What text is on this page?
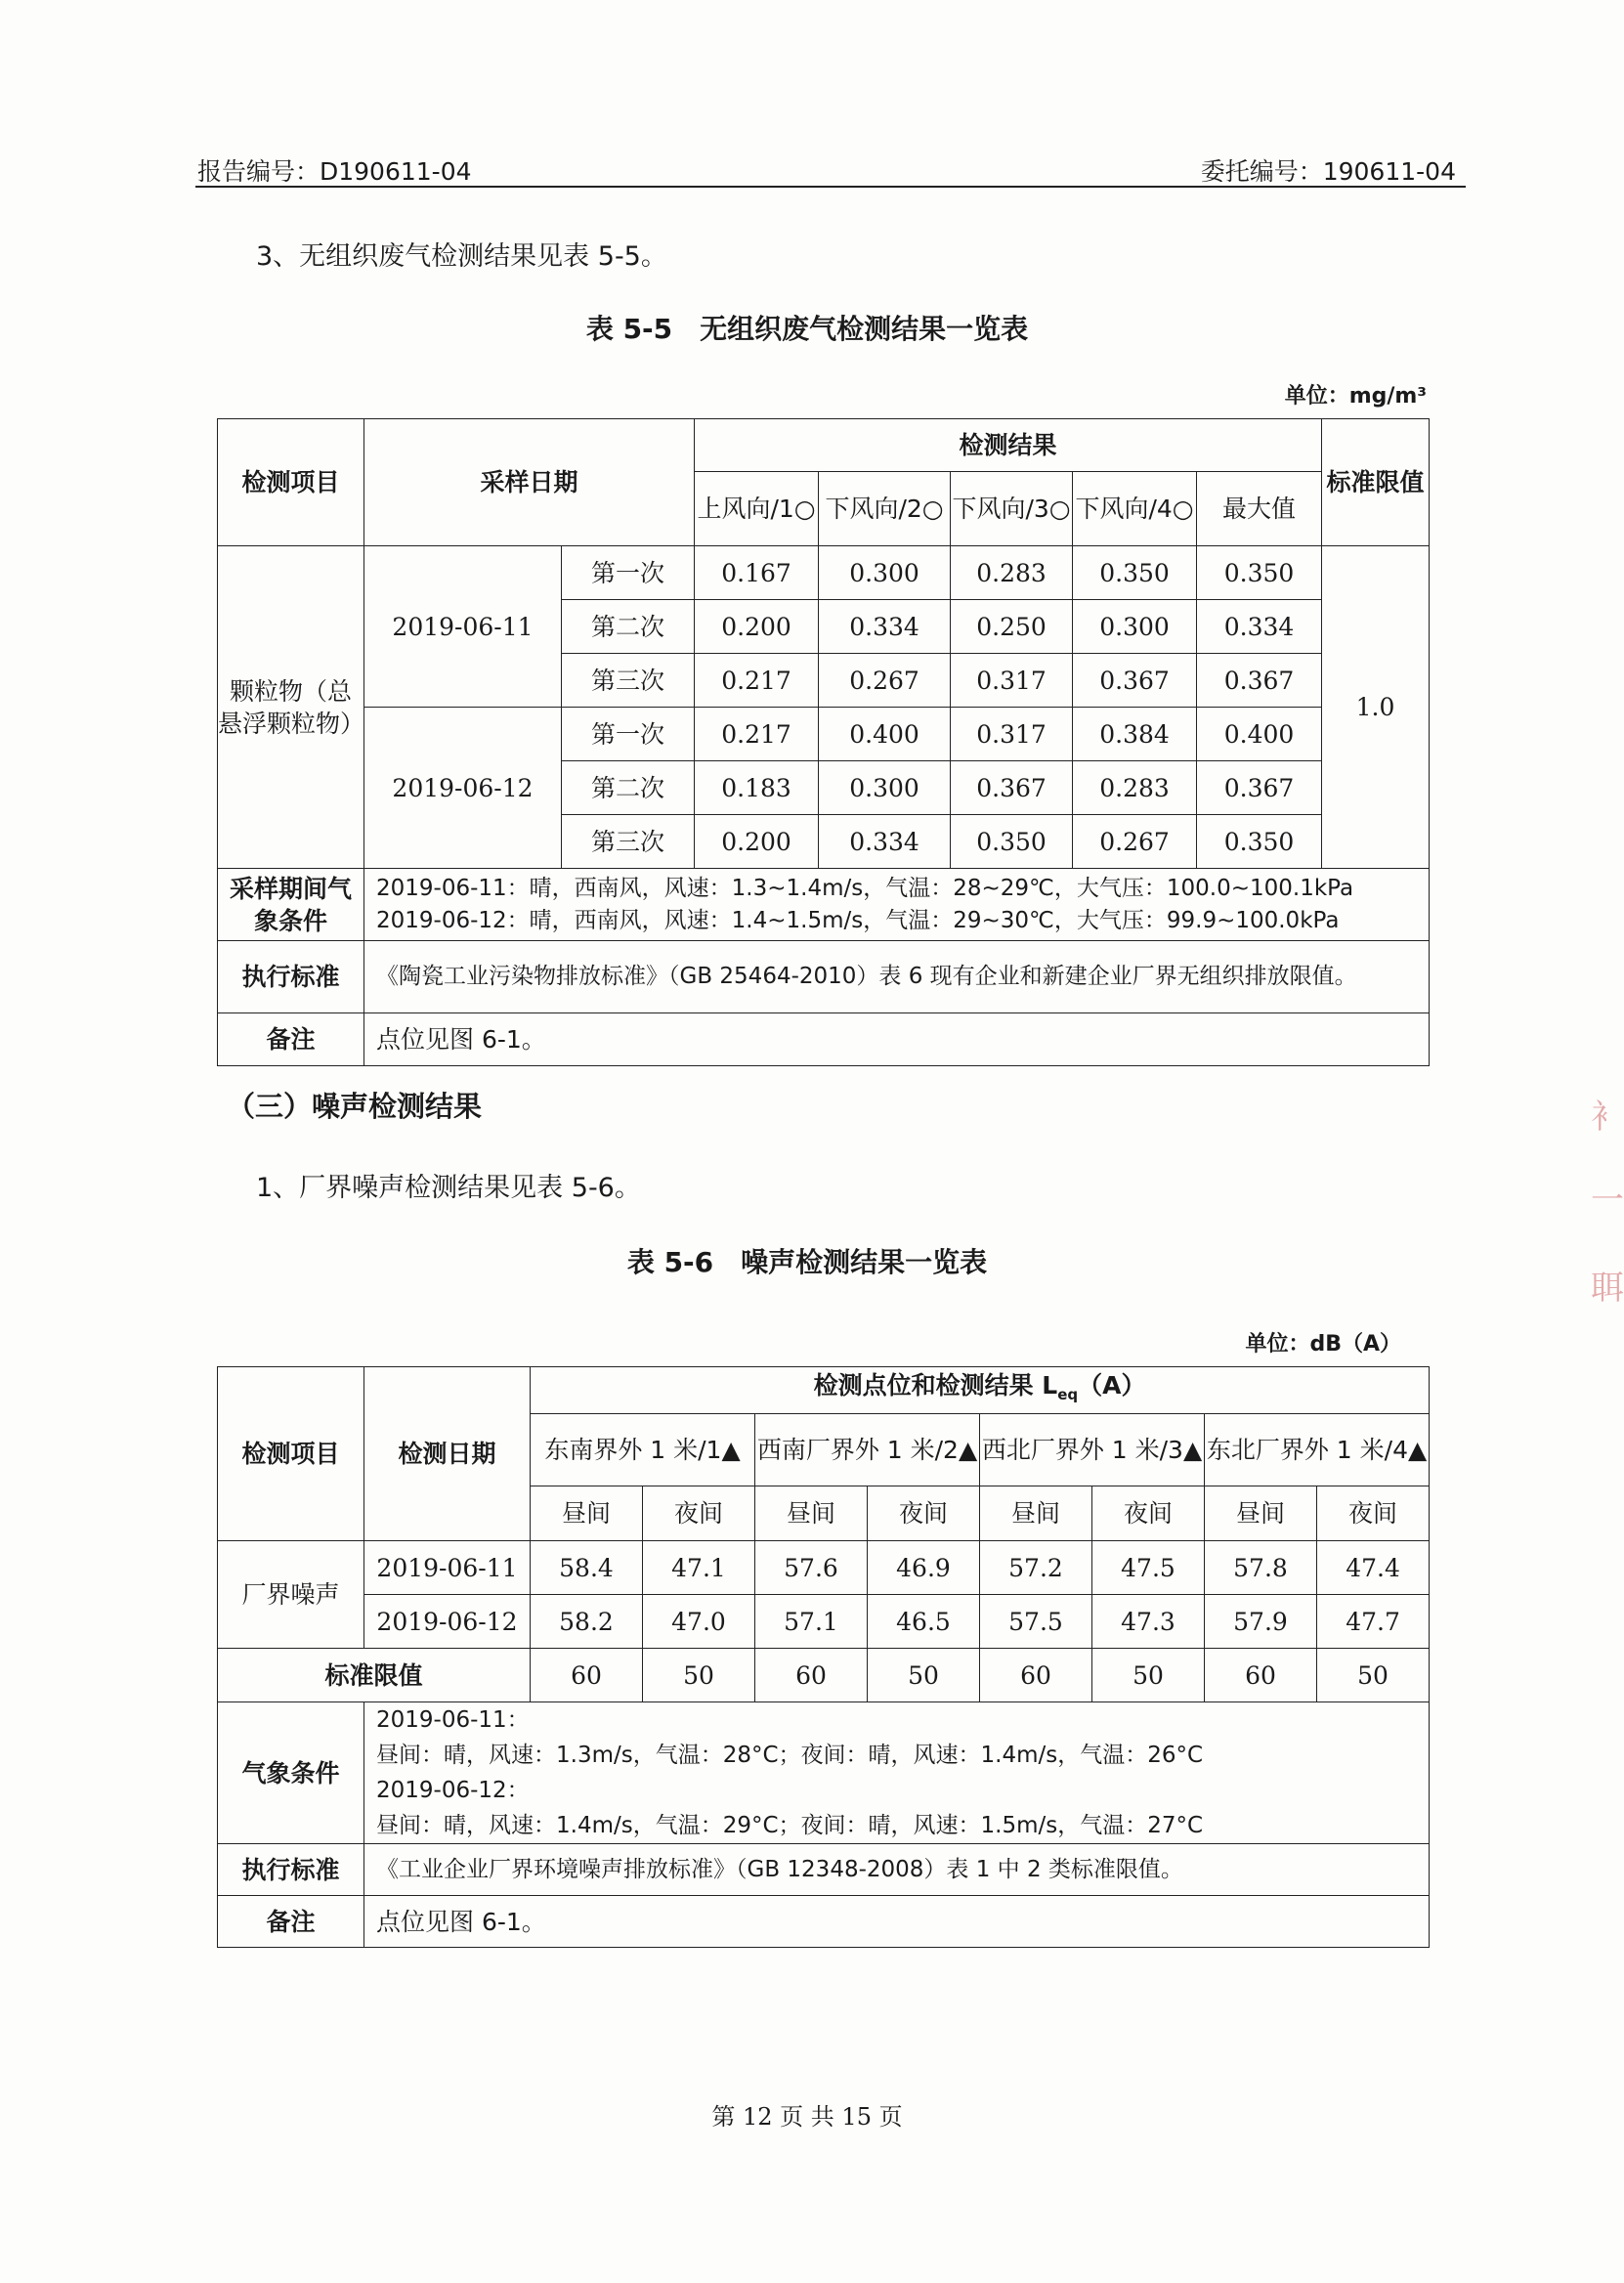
报告编号：D190611-04	委托编号：190611-04
3、无组织废气检测结果见表 5-5。
表 5-5　无组织废气检测结果一览表
单位：mg/m³
检测项目	采样日期		检测结果					标准限值
			上风向/1○	下风向/2○	下风向/3○	下风向/4○	最大值	
颗粒物（总悬浮颗粒物）	2019-06-11	第一次	0.167	0.300	0.283	0.350	0.350	1.0
		第二次	0.200	0.334	0.250	0.300	0.334	
		第三次	0.217	0.267	0.317	0.367	0.367	
	2019-06-12	第一次	0.217	0.400	0.317	0.384	0.400	
		第二次	0.183	0.300	0.367	0.283	0.367	
		第三次	0.200	0.334	0.350	0.267	0.350	
采样期间气象条件	2019-06-11：晴，西南风，风速：1.3~1.4m/s，气温：28~29℃，大气压：100.0~100.1kPa
2019-06-12：晴，西南风，风速：1.4~1.5m/s，气温：29~30℃，大气压：99.9~100.0kPa							

执行标准	《陶瓷工业污染物排放标准》（GB 25464-2010）表 6 现有企业和新建企业厂界无组织排放限值。							
备注	点位见图 6-1。							
（三）噪声检测结果
1、厂界噪声检测结果见表 5-6。
表 5-6　噪声检测结果一览表
单位：dB（A）
检测项目	检测日期	检测点位和检测结果 $L_{eq}(A)$							
		东南界外 1 米/1▲		西南厂界外 1 米/2▲		西北厂界外 1 米/3▲		东北厂界外 1 米/4▲	
		昼间	夜间	昼间	夜间	昼间	夜间	昼间	夜间
厂界噪声	2019-06-11	58.4	47.1	57.6	46.9	57.2	47.5	57.8	47.4
	2019-06-12	58.2	47.0	57.1	46.5	57.5	47.3	57.9	47.7
标准限值		60	50	60	50	60	50	60	50
气象条件	2019-06-11：
昼间：晴，风速：1.3m/s，气温：28°C；夜间：晴，风速：1.4m/s，气温：26°C
2019-06-12：
昼间：晴，风速：1.4m/s，气温：29°C；夜间：晴，风速：1.5m/s，气温：27°C								

执行标准	《工业企业厂界环境噪声排放标准》（GB 12348-2008）表 1 中 2 类标准限值。								
备注	点位见图 6-1。								
第 12 页 共 15 页
衤
一
聑
